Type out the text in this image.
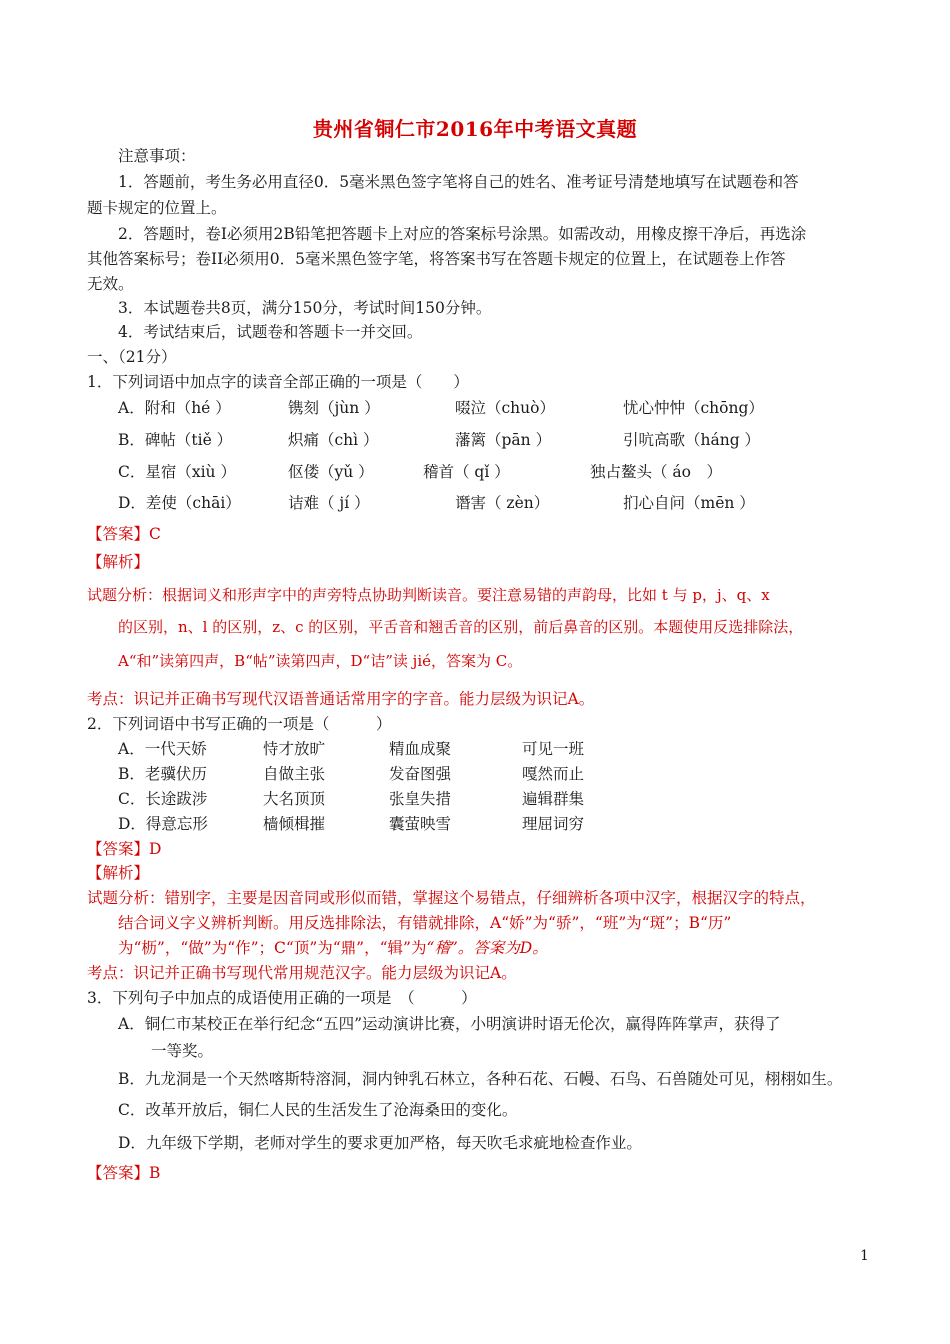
贵州省铜仁市2016年中考语文真题
注意事项：
1．答题前，考生务必用直径0．5毫米黑色签字笔将自己的姓名、准考证号清楚地填写在试题卷和答
题卡规定的位置上。
2．答题时，卷I必须用2B铅笔把答题卡上对应的答案标号涂黑。如需改动，用橡皮擦干净后，再选涂
其他答案标号；卷II必须用0．5毫米黑色签字笔，将答案书写在答题卡规定的位置上，在试题卷上作答
无效。
3．本试题卷共8页，满分150分，考试时间150分钟。
4．考试结束后，试题卷和答题卡一并交回。
一、（21分）
1．下列词语中加点字的读音全部正确的一项是（　　）
A．附和（hé ）	镌刻（jùn ）	啜泣（chuò）	忧心忡忡（chōng）
B．碑帖（tiě ）	炽痛（chì ）	藩篱（pān ）	引吭高歌（háng ）
C．星宿（xiù ）	伛偻（yǔ ）	稽首（ qǐ ）	独占鳌头（ áo　）
D．差使（chāi）	诘难（ jí ）	谮害（ zèn）	扪心自问（mēn ）
【答案】C
【解析】
试题分析：根据词义和形声字中的声旁特点协助判断读音。要注意易错的声韵母，比如 t 与 p，j、q、x
的区别，n、l 的区别，z、c 的区别，平舌音和翘舌音的区别，前后鼻音的区别。本题使用反选排除法，
A“和”读第四声，B“帖”读第四声，D“诘”读 jié，答案为 C。
考点：识记并正确书写现代汉语普通话常用字的字音。能力层级为识记A。
2．下列词语中书写正确的一项是（　　　）
A．一代天娇	恃才放旷	精血成聚	可见一班
B．老骥伏历	自做主张	发奋图强	嘎然而止
C．长途跋涉	大名顶顶	张皇失措	遍辑群集
D．得意忘形	樯倾楫摧	囊萤映雪	理屈词穷
【答案】D
【解析】
试题分析：错别字，主要是因音同或形似而错，掌握这个易错点，仔细辨析各项中汉字，根据汉字的特点，
结合词义字义辨析判断。用反选排除法，有错就排除，A“娇”为“骄”，“班”为“斑”；B“历”
为“枥”，“做”为“作”；C“顶”为“鼎”，“辑”为“稽”。答案为D。
考点：识记并正确书写现代常用规范汉字。能力层级为识记A。
3．下列句子中加点的成语使用正确的一项是　（　　　）
A．铜仁市某校正在举行纪念“五四”运动演讲比赛，小明演讲时语无伦次，赢得阵阵掌声，获得了
一等奖。
B．九龙洞是一个天然喀斯特溶洞，洞内钟乳石林立，各种石花、石幔、石鸟、石兽随处可见，栩栩如生。
C．改革开放后，铜仁人民的生活发生了沧海桑田的变化。
D．九年级下学期，老师对学生的要求更加严格，每天吹毛求疵地检查作业。
【答案】B
1
